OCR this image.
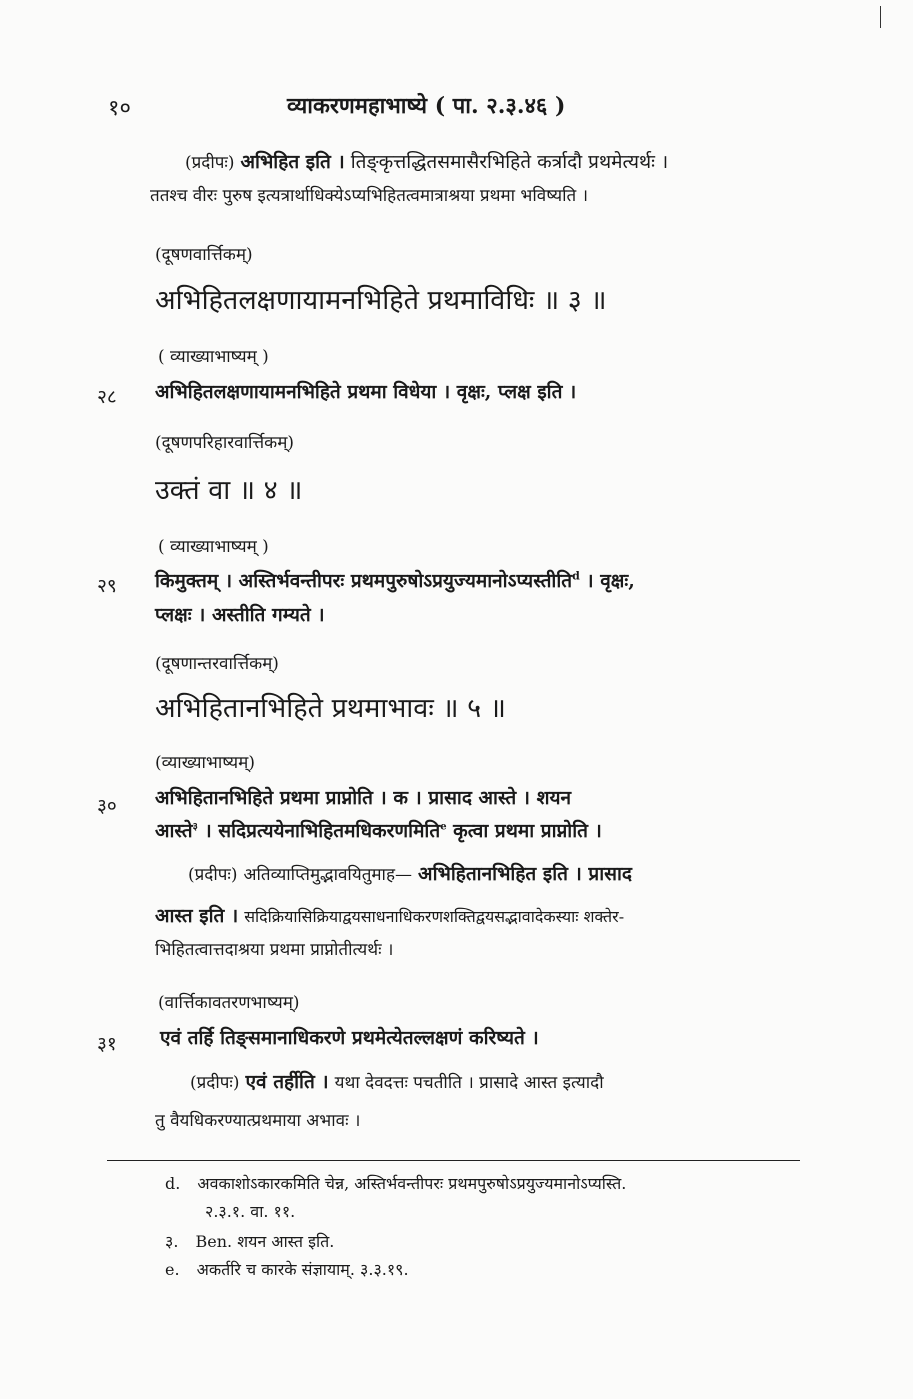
१०	व्याकरणमहाभाष्ये ( पा. २.३.४६ )
(प्रदीपः) अभिहित इति । तिङ्कृत्तद्धितसमासैरभिहिते कर्त्रादौ प्रथमेत्यर्थः ।
ततश्च वीरः पुरुष इत्यत्रार्थाधिक्येऽप्यभिहितत्वमात्राश्रया प्रथमा भविष्यति ।
(दूषणवार्त्तिकम्)
अभिहितलक्षणायामनभिहिते प्रथमाविधिः ॥ ३ ॥
( व्याख्याभाष्यम् )
२८ अभिहितलक्षणायामनभिहिते प्रथमा विधेया । वृक्षः, प्लक्ष इति ।
(दूषणपरिहारवार्त्तिकम्)
उक्तं वा ॥ ४ ॥
( व्याख्याभाष्यम् )
२९ किमुक्तम् । अस्तिर्भवन्तीपरः प्रथमपुरुषोऽप्रयुज्यमानोऽप्यस्तीति$^d$ । वृक्षः,
प्लक्षः । अस्तीति गम्यते ।
(दूषणान्तरवार्त्तिकम्)
अभिहितानभिहिते प्रथमाभावः ॥ ५ ॥
(व्याख्याभाष्यम्)
३० अभिहितानभिहिते प्रथमा प्राप्नोति । क । प्रासाद आस्ते । शयन
आस्ते$^३$ । सदिप्रत्ययेनाभिहितमधिकरणमिति$^e$ कृत्वा प्रथमा प्राप्नोति ।
(प्रदीपः) अतिव्याप्तिमुद्भावयितुमाह— अभिहितानभिहित इति । प्रासाद
आस्त इति । सदिक्रियासिक्रियाद्वयसाधनाधिकरणशक्तिद्वयसद्भावादेकस्याः शक्तेर-
भिहितत्वात्तदाश्रया प्रथमा प्राप्नोतीत्यर्थः ।
(वार्त्तिकावतरणभाष्यम्)
३१ एवं तर्हि तिङ्समानाधिकरणे प्रथमेत्येतल्लक्षणं करिष्यते ।
(प्रदीपः) एवं तर्हीति । यथा देवदत्तः पचतीति । प्रासादे आस्त इत्यादौ
तु वैयधिकरण्यात्प्रथमाया अभावः ।
d. अवकाशोऽकारकमिति चेन्न, अस्तिर्भवन्तीपरः प्रथमपुरुषोऽप्रयुज्यमानोऽप्यस्ति.
२.३.१. वा. ११.
३. Ben. शयन आस्त इति.
e. अकर्तरि च कारके संज्ञायाम्. ३.३.१९.
